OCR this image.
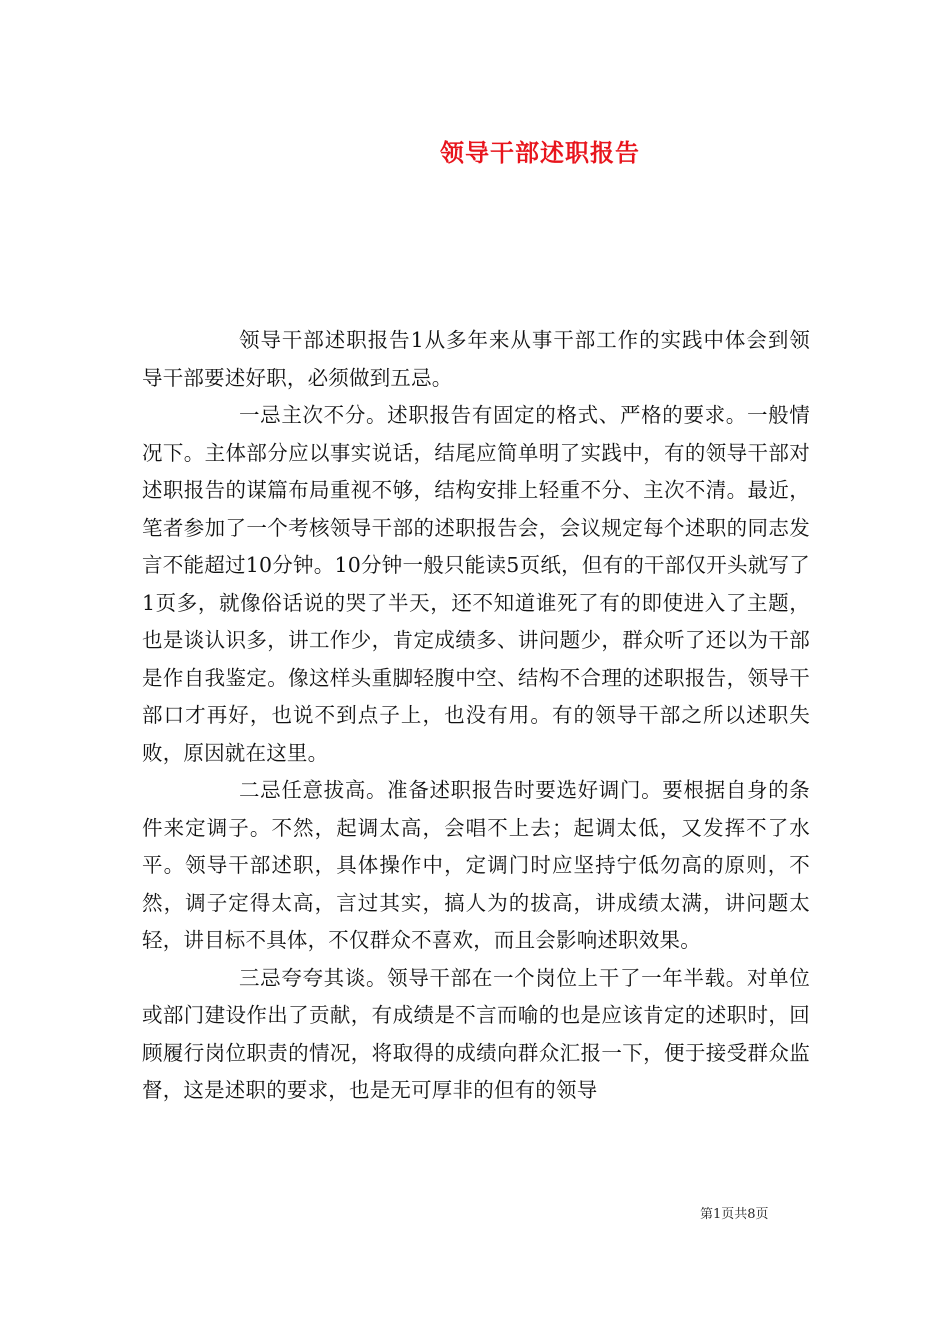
领导干部述职报告

领导干部述职报告1从多年来从事干部工作的实践中体会到领导干部要述好职，必须做到五忌。

一忌主次不分。述职报告有固定的格式、严格的要求。一般情况下。主体部分应以事实说话，结尾应简单明了实践中，有的领导干部对述职报告的谋篇布局重视不够，结构安排上轻重不分、主次不清。最近，笔者参加了一个考核领导干部的述职报告会，会议规定每个述职的同志发言不能超过10分钟。10分钟一般只能读5页纸，但有的干部仅开头就写了1页多，就像俗话说的哭了半天，还不知道谁死了有的即使进入了主题，也是谈认识多，讲工作少，肯定成绩多、讲问题少，群众听了还以为干部是作自我鉴定。像这样头重脚轻腹中空、结构不合理的述职报告，领导干部口才再好，也说不到点子上，也没有用。有的领导干部之所以述职失败，原因就在这里。

二忌任意拔高。准备述职报告时要选好调门。要根据自身的条件来定调子。不然，起调太高，会唱不上去；起调太低，又发挥不了水平。领导干部述职，具体操作中，定调门时应坚持宁低勿高的原则，不然，调子定得太高，言过其实，搞人为的拔高，讲成绩太满，讲问题太轻，讲目标不具体，不仅群众不喜欢，而且会影响述职效果。

三忌夸夸其谈。领导干部在一个岗位上干了一年半载。对单位或部门建设作出了贡献，有成绩是不言而喻的也是应该肯定的述职时，回顾履行岗位职责的情况，将取得的成绩向群众汇报一下，便于接受群众监督，这是述职的要求，也是无可厚非的但有的领导

第1页共8页
